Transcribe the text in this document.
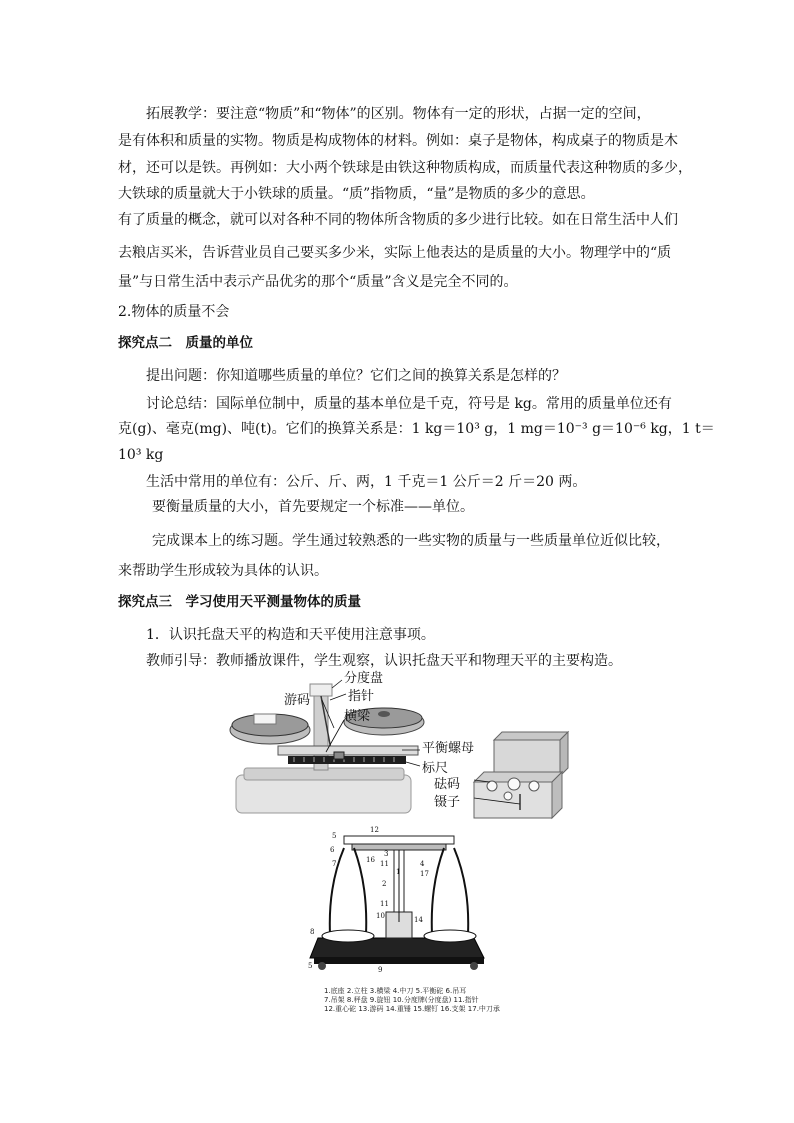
拓展教学：要注意“物质”和“物体”的区别。物体有一定的形状，占据一定的空间，
是有体积和质量的实物。物质是构成物体的材料。例如：桌子是物体，构成桌子的物质是木
材，还可以是铁。再例如：大小两个铁球是由铁这种物质构成，而质量代表这种物质的多少，
大铁球的质量就大于小铁球的质量。“质”指物质，“量”是物质的多少的意思。
有了质量的概念，就可以对各种不同的物体所含物质的多少进行比较。如在日常生活中人们
去粮店买米，告诉营业员自己要买多少米，实际上他表达的是质量的大小。物理学中的“质
量”与日常生活中表示产品优劣的那个“质量”含义是完全不同的。
2.物体的质量不会
探究点二　质量的单位
提出问题：你知道哪些质量的单位？它们之间的换算关系是怎样的？
讨论总结：国际单位制中，质量的基本单位是千克，符号是 kg。常用的质量单位还有
克(g)、毫克(mg)、吨(t)。它们的换算关系是：1 kg＝10³ g，1 mg＝10⁻³ g＝10⁻⁶ kg，1 t＝
10³ kg
生活中常用的单位有：公斤、斤、两，1 千克＝1 公斤＝2 斤＝20 两。
要衡量质量的大小，首先要规定一个标准——单位。
完成课本上的练习题。学生通过较熟悉的一些实物的质量与一些质量单位近似比较，
来帮助学生形成较为具体的认识。
探究点三　学习使用天平测量物体的质量
1．认识托盘天平的构造和天平使用注意事项。
教师引导：教师播放课件，学生观察，认识托盘天平和物理天平的主要构造。
分度盘
游码	指针
横梁
平衡螺母
标尺
砝码
镊子
12
1
11
2
3
4
5
5
6
7
8
9
10
11
14
16
17
1.底座 2.立柱 3.横梁 4.中刀 5.平衡砣 6.吊耳
7.吊架 8.秤盘 9.旋钮 10.分度牌(分度盘) 11.指针
12.重心砣 13.游码 14.重锤 15.螺钉 16.支架 17.中刀承
